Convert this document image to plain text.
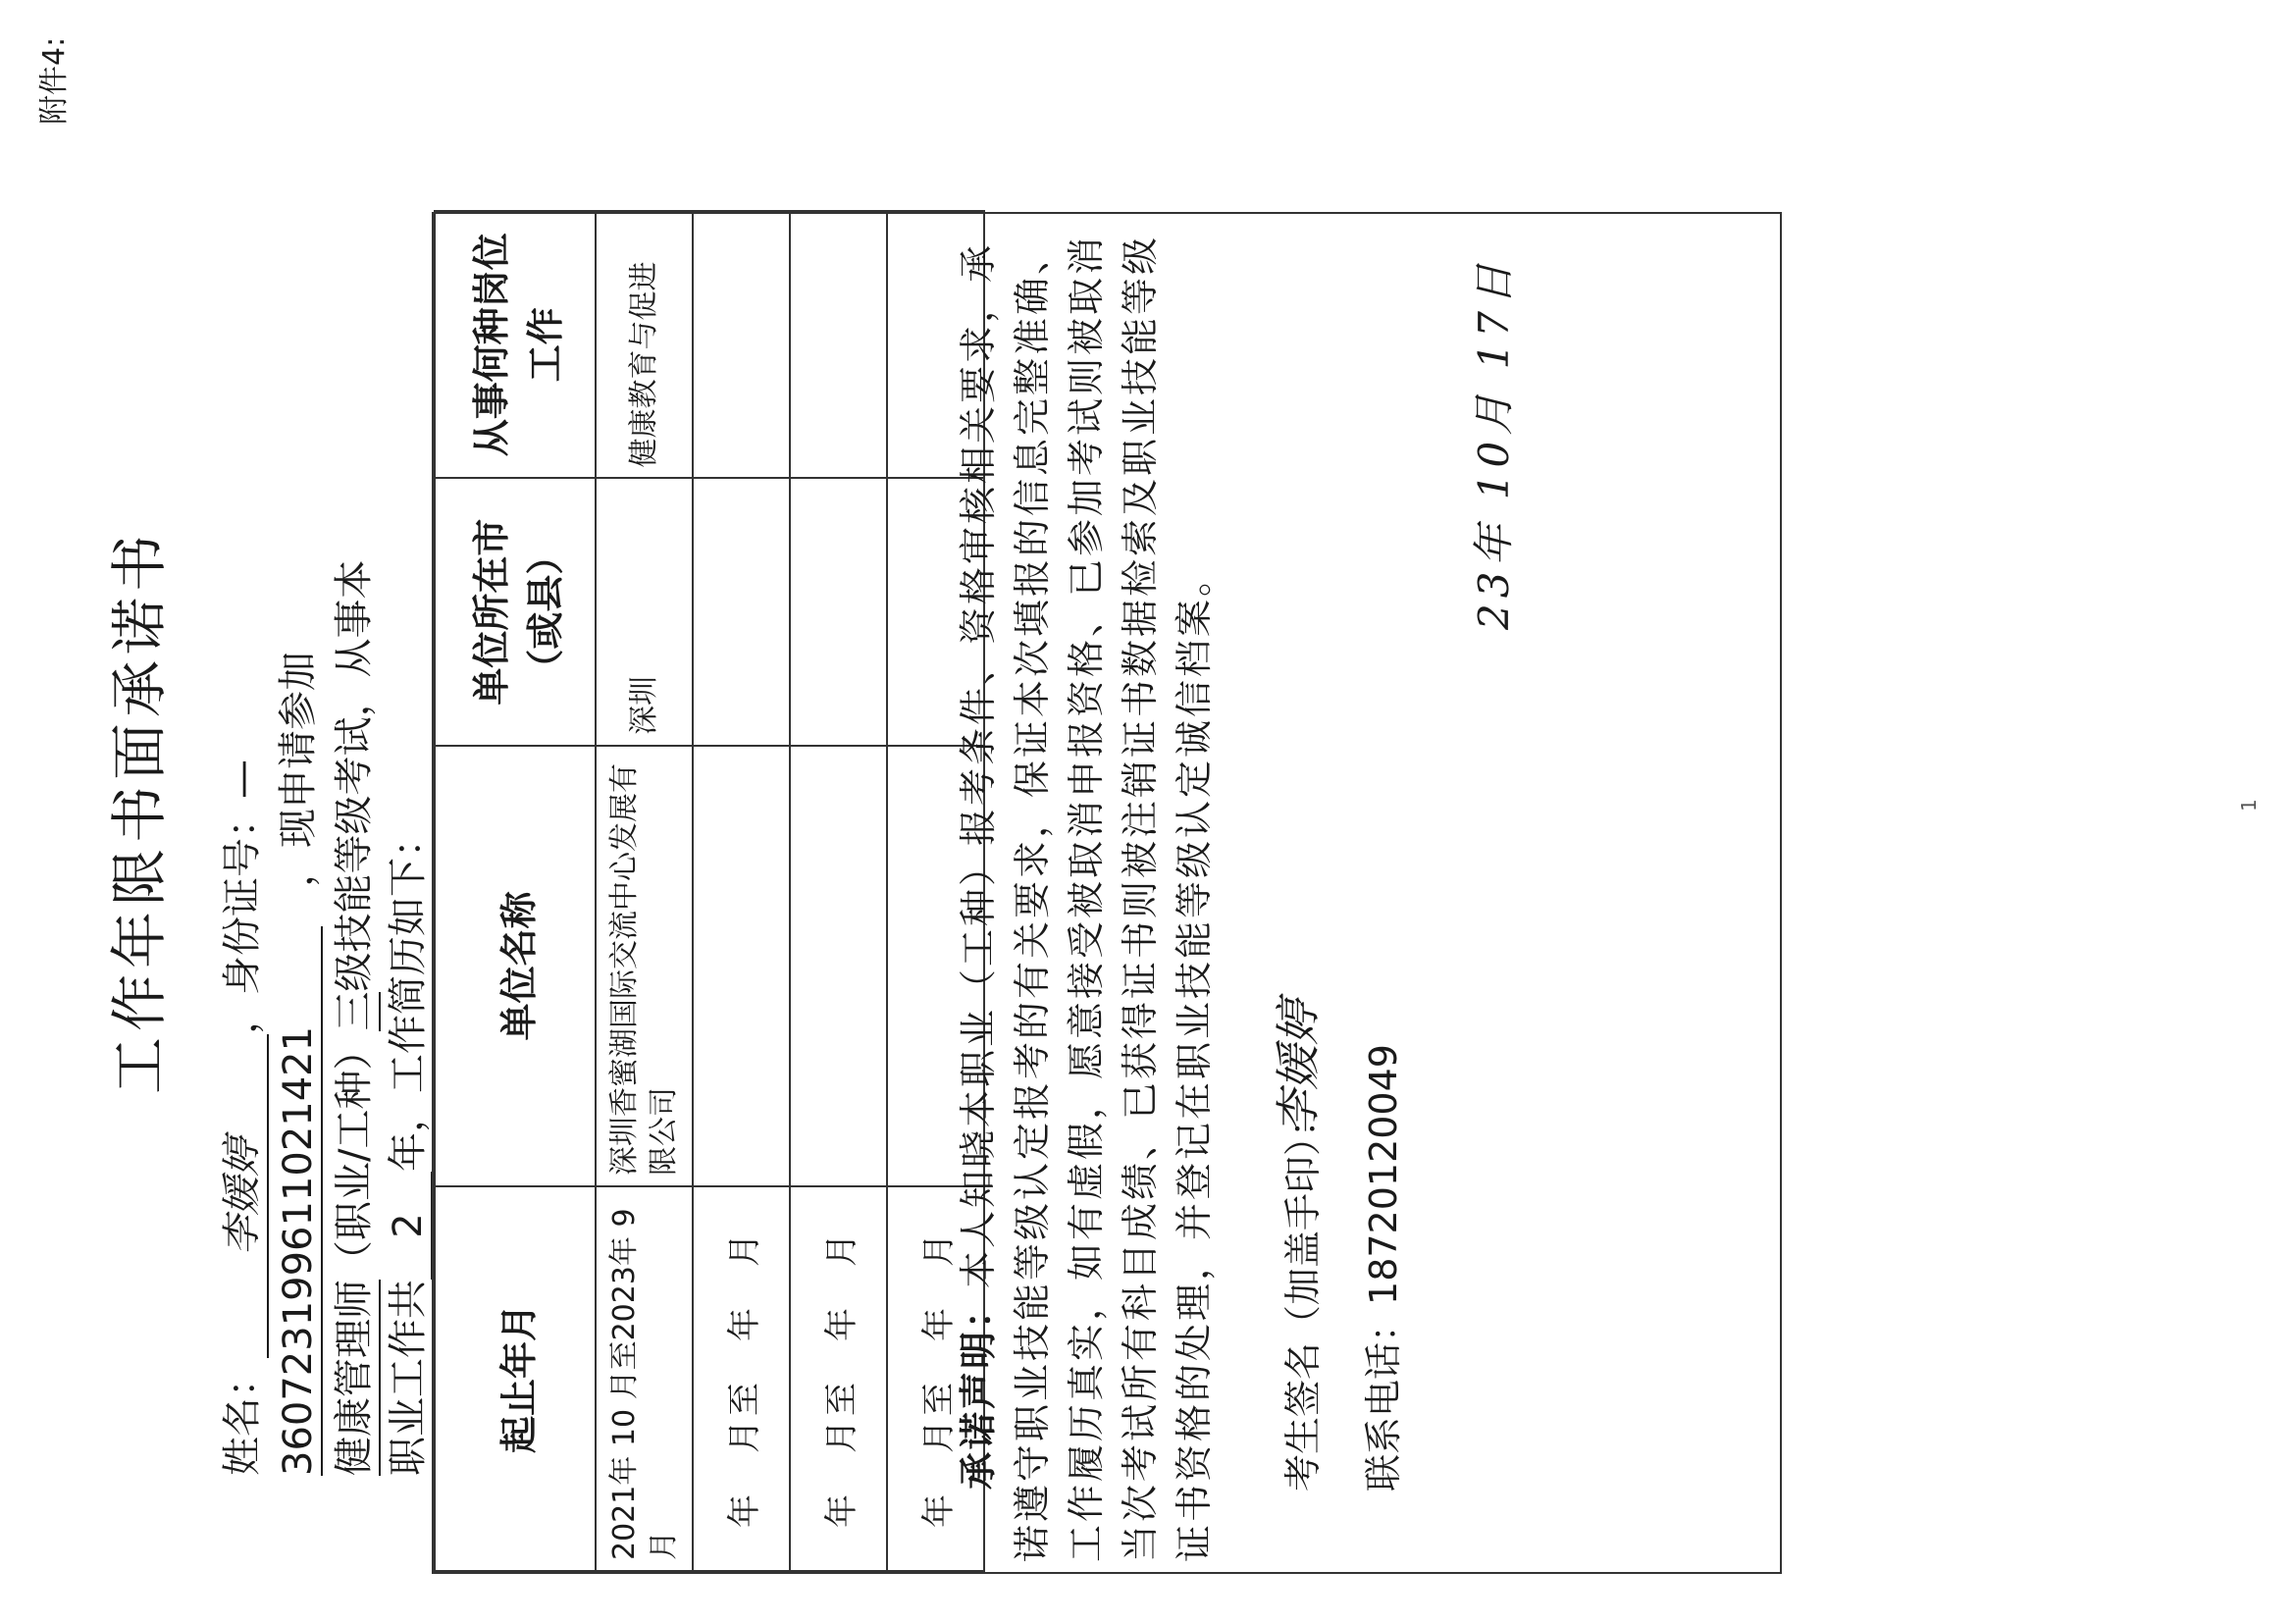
附件4:
工作年限书面承诺书
姓名：李媛婷，身份证号：—
360723199611021421，现申请参加
健康管理师（职业/工种）三级技能等级考试，从事本
职业工作共2年，工作简历如下：
起止年月	单位名称	单位所在市（或县）	从事何种岗位工作
2021年 10 月至2023年 9 月	深圳香蜜湖国际交流中心发展有限公司	深圳	健康教育与促进
年　月至　年　月			
年　月至　年　月			
年　月至　年　月			
承诺声明：本人知晓本职业（工种）报考条件、资格审核相关要求，承诺遵守职业技能等级认定报考的有关要求，保证本次填报的信息完整准确、工作履历真实，如有虚假，愿意接受被取消申报资格、已参加考试则被取消当次考试所有科目成绩、已获得证书则被注销证书数据检索及职业技能等级证书资格的处理，并登记在职业技能等级认定诚信档案。 考生签名（加盖手印）：
李媛婷
联系电话：18720120049
23年 10月 17日
1
